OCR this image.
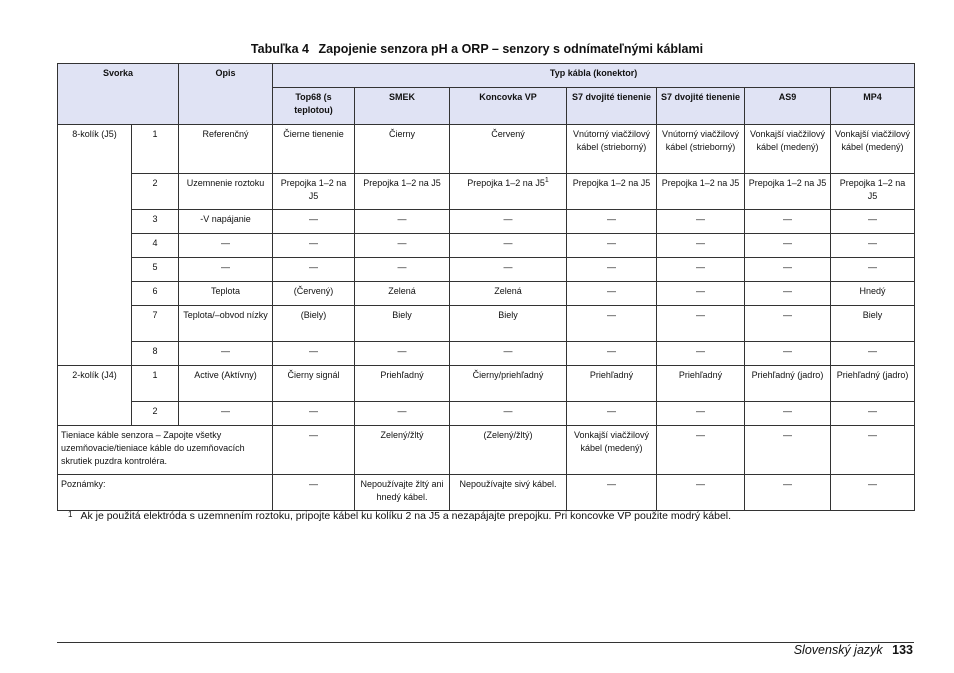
Tabuľka 4 Zapojenie senzora pH a ORP – senzory s odnímateľnými káblami
Svorka		Opis	Typ kábla (konektor)						
			Top68 (s teplotou)	SMEK	Koncovka VP	S7 dvojité tienenie	S7 dvojité tienenie	AS9	MP4
8-kolík (J5)	1	Referenčný	Čierne tienenie	Čierny	Červený	Vnútorný viačžilový kábel (strieborný)	Vnútorný viačžilový kábel (strieborný)	Vonkajší viačžilový kábel (medený)	Vonkajší viačžilový kábel (medený)
	2	Uzemnenie roztoku	Prepojka 1–2 na J5	Prepojka 1–2 na J5	Prepojka 1–2 na $J5^1$	Prepojka 1–2 na J5	Prepojka 1–2 na J5	Prepojka 1–2 na J5	Prepojka 1–2 na J5
	3	-V napájanie	—	—	—	—	—	—	—
	4	—	—	—	—	—	—	—	—
	5	—	—	—	—	—	—	—	—
	6	Teplota	(Červený)	Zelená	Zelená	—	—	—	Hnedý
	7	Teplota/–obvod nízky	(Biely)	Biely	Biely	—	—	—	Biely
	8	—	—	—	—	—	—	—	—
2-kolík (J4)	1	Active (Aktívny)	Čierny signál	Priehľadný	Čierny/priehľadný	Priehľadný	Priehľadný	Priehľadný (jadro)	Priehľadný (jadro)
	2	—	—	—	—	—	—	—	—
Tieniace káble senzora – Zapojte všetky uzemňovacie/tieniace káble do uzemňovacích skrutiek puzdra kontroléra.			—	Zelený/žltý	(Zelený/žltý)	Vonkajší viačžilový kábel (medený)	—	—	—
Poznámky:			—	Nepoužívajte žltý ani hnedý kábel.	Nepoužívajte sivý kábel.	—	—	—	—
$^1$ Ak je použitá elektróda s uzemnením roztoku, pripojte kábel ku kolíku 2 na J5 a nezapájajte prepojku. Pri koncovke VP použite modrý kábel.
Slovenský jazyk 133
